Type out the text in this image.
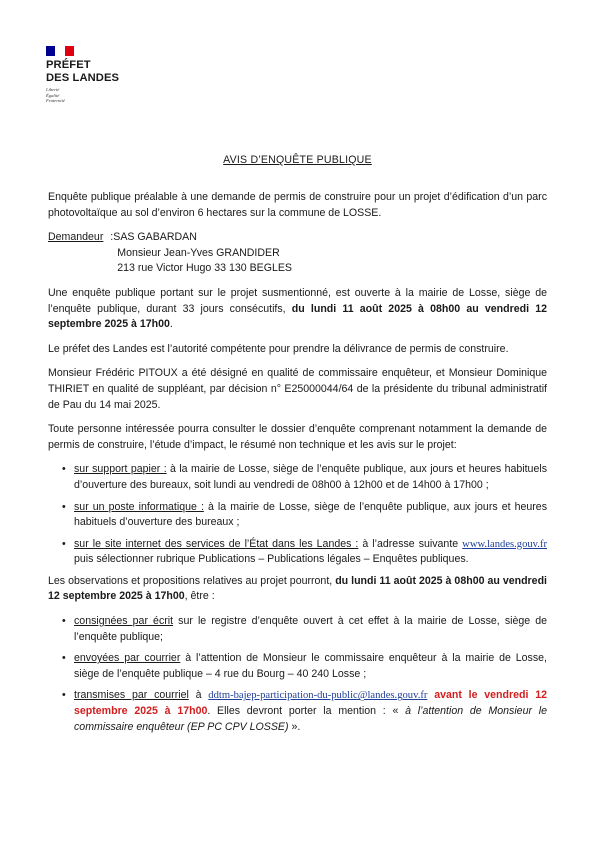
PRÉFET
DES LANDES
Liberté
Égalité
Fraternité
AVIS D’ENQUÊTE PUBLIQUE

Enquête publique préalable à une demande de permis de construire pour un projet d’édification d’un parc photovoltaïque au sol d’environ 6 hectares sur la commune de LOSSE.

Demandeur : SAS GABARDAN
Monsieur Jean-Yves GRANDIDER
213 rue Victor Hugo 33 130 BEGLES

Une enquête publique portant sur le projet susmentionné, est ouverte à la mairie de Losse, siège de l’enquête publique, durant 33 jours consécutifs, du lundi 11 août 2025 à 08h00 au vendredi 12 septembre 2025 à 17h00.

Le préfet des Landes est l’autorité compétente pour prendre la délivrance de permis de construire.

Monsieur Frédéric PITOUX a été désigné en qualité de commissaire enquêteur, et Monsieur Dominique THIRIET en qualité de suppléant, par décision n° E25000044/64 de la présidente du tribunal administratif de Pau du 14 mai 2025.

Toute personne intéressée pourra consulter le dossier d’enquête comprenant notamment la demande de permis de construire, l’étude d’impact, le résumé non technique et les avis sur le projet:

• sur support papier : à la mairie de Losse, siège de l’enquête publique, aux jours et heures habituels d’ouverture des bureaux, soit lundi au vendredi de 08h00 à 12h00 et de 14h00 à 17h00 ;
• sur un poste informatique : à la mairie de Losse, siège de l’enquête publique, aux jours et heures habituels d’ouverture des bureaux ;
• sur le site internet des services de l’État dans les Landes : à l’adresse suivante www.landes.gouv.fr puis sélectionner rubrique Publications – Publications légales – Enquêtes publiques.

Les observations et propositions relatives au projet pourront, du lundi 11 août 2025 à 08h00 au vendredi 12 septembre 2025 à 17h00, être :

• consignées par écrit sur le registre d’enquête ouvert à cet effet à la mairie de Losse, siège de l’enquête publique;
• envoyées par courrier à l’attention de Monsieur le commissaire enquêteur à la mairie de Losse, siège de l’enquête publique – 4 rue du Bourg – 40 240 Losse ;
• transmises par courriel à ddtm-bajep-participation-du-public@landes.gouv.fr avant le vendredi 12 septembre 2025 à 17h00. Elles devront porter la mention : « à l’attention de Monsieur le commissaire enquêteur (EP PC CPV LOSSE) ».
